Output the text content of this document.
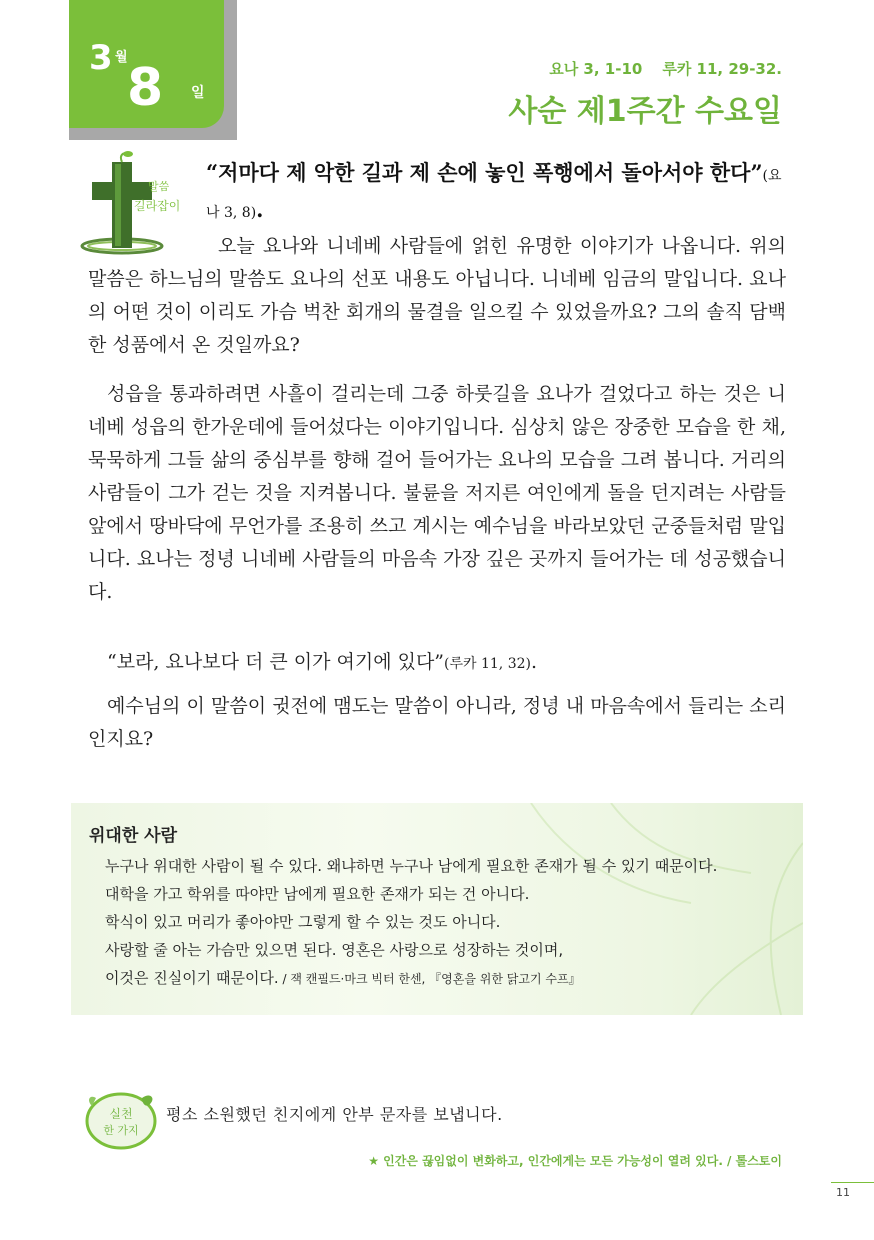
3 월
8 일
요나 3, 1-10 루카 11, 29-32.
사순 제1주간 수요일
말씀
길라잡이
“저마다 제 악한 길과 제 손에 놓인 폭행에서 돌아서야 한다”(요나 3, 8).

오늘 요나와 니네베 사람들에 얽힌 유명한 이야기가 나옵니다. 위의 말씀은 하느님의 말씀도 요나의 선포 내용도 아닙니다. 니네베 임금의 말입니다. 요나의 어떤 것이 이리도 가슴 벅찬 회개의 물결을 일으킬 수 있었을까요? 그의 솔직 담백한 성품에서 온 것일까요?

성읍을 통과하려면 사흘이 걸리는데 그중 하룻길을 요나가 걸었다고 하는 것은 니네베 성읍의 한가운데에 들어섰다는 이야기입니다. 심상치 않은 장중한 모습을 한 채, 묵묵하게 그들 삶의 중심부를 향해 걸어 들어가는 요나의 모습을 그려 봅니다. 거리의 사람들이 그가 걷는 것을 지켜봅니다. 불륜을 저지른 여인에게 돌을 던지려는 사람들 앞에서 땅바닥에 무언가를 조용히 쓰고 계시는 예수님을 바라보았던 군중들처럼 말입니다. 요나는 정녕 니네베 사람들의 마음속 가장 깊은 곳까지 들어가는 데 성공했습니다.

“보라, 요나보다 더 큰 이가 여기에 있다”(루카 11, 32).

예수님의 이 말씀이 귓전에 맴도는 말씀이 아니라, 정녕 내 마음속에서 들리는 소리인지요?

위대한 사람
누구나 위대한 사람이 될 수 있다. 왜냐하면 누구나 남에게 필요한 존재가 될 수 있기 때문이다.
대학을 가고 학위를 따야만 남에게 필요한 존재가 되는 건 아니다.
학식이 있고 머리가 좋아야만 그렇게 할 수 있는 것도 아니다.
사랑할 줄 아는 가슴만 있으면 된다. 영혼은 사랑으로 성장하는 것이며,
이것은 진실이기 때문이다. / 잭 캔필드·마크 빅터 한센, 『영혼을 위한 닭고기 수프』
실천
한 가지
평소 소원했던 친지에게 안부 문자를 보냅니다.
★ 인간은 끊임없이 변화하고, 인간에게는 모든 가능성이 열려 있다. / 톨스토이
11
